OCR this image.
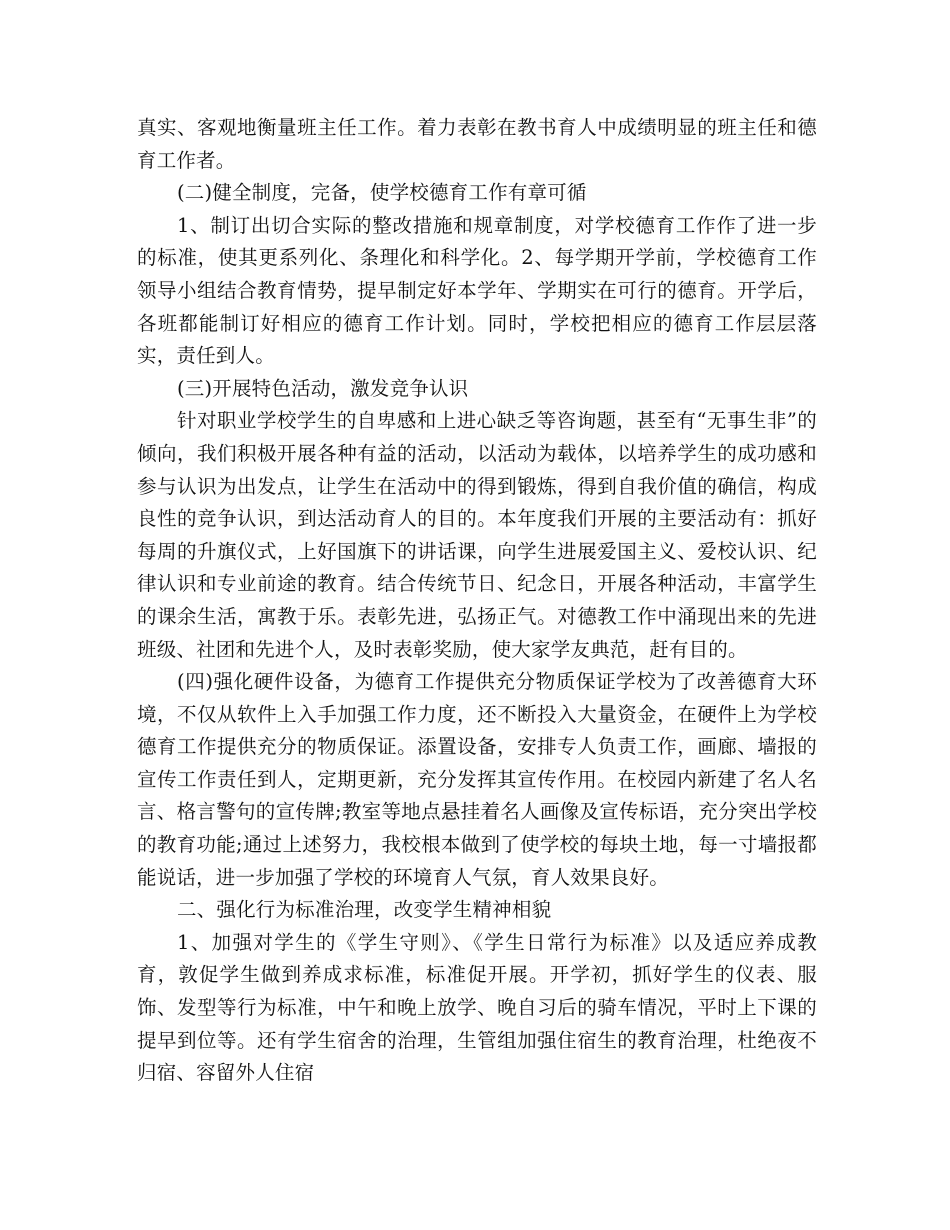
真实、客观地衡量班主任工作。着力表彰在教书育人中成绩明显的班主任和德育工作者。

(二)健全制度，完备，使学校德育工作有章可循

1、制订出切合实际的整改措施和规章制度，对学校德育工作作了进一步的标准，使其更系列化、条理化和科学化。2、每学期开学前，学校德育工作领导小组结合教育情势，提早制定好本学年、学期实在可行的德育。开学后，各班都能制订好相应的德育工作计划。同时，学校把相应的德育工作层层落实，责任到人。

(三)开展特色活动，激发竞争认识

针对职业学校学生的自卑感和上进心缺乏等咨询题，甚至有“无事生非”的倾向，我们积极开展各种有益的活动，以活动为载体，以培养学生的成功感和参与认识为出发点，让学生在活动中的得到锻炼，得到自我价值的确信，构成良性的竞争认识，到达活动育人的目的。本年度我们开展的主要活动有：抓好每周的升旗仪式，上好国旗下的讲话课，向学生进展爱国主义、爱校认识、纪律认识和专业前途的教育。结合传统节日、纪念日，开展各种活动，丰富学生的课余生活，寓教于乐。表彰先进，弘扬正气。对德教工作中涌现出来的先进班级、社团和先进个人，及时表彰奖励，使大家学友典范，赶有目的。

(四)强化硬件设备，为德育工作提供充分物质保证学校为了改善德育大环境，不仅从软件上入手加强工作力度，还不断投入大量资金，在硬件上为学校德育工作提供充分的物质保证。添置设备，安排专人负责工作，画廊、墙报的宣传工作责任到人，定期更新，充分发挥其宣传作用。在校园内新建了名人名言、格言警句的宣传牌;教室等地点悬挂着名人画像及宣传标语，充分突出学校的教育功能;通过上述努力，我校根本做到了使学校的每块土地，每一寸墙报都能说话，进一步加强了学校的环境育人气氛，育人效果良好。

二、强化行为标准治理，改变学生精神相貌

1、加强对学生的《学生守则》、《学生日常行为标准》以及适应养成教育，敦促学生做到养成求标准，标准促开展。开学初，抓好学生的仪表、服饰、发型等行为标准，中午和晚上放学、晚自习后的骑车情况，平时上下课的提早到位等。还有学生宿舍的治理，生管组加强住宿生的教育治理，杜绝夜不归宿、容留外人住宿
